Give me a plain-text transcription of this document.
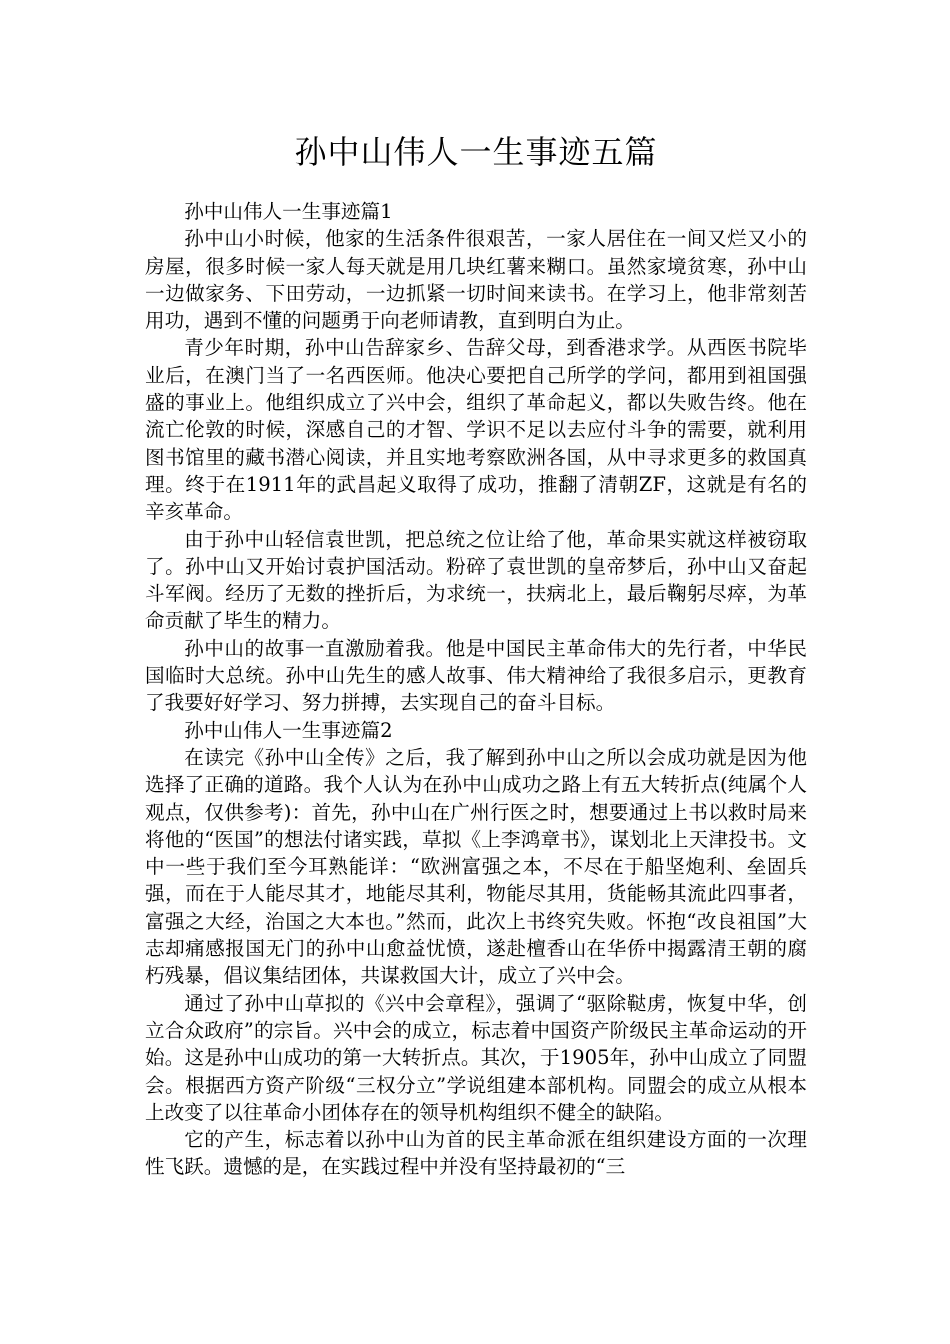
孙中山伟人一生事迹五篇

孙中山伟人一生事迹篇1

孙中山小时候，他家的生活条件很艰苦，一家人居住在一间又烂又小的房屋，很多时候一家人每天就是用几块红薯来糊口。虽然家境贫寒，孙中山一边做家务、下田劳动，一边抓紧一切时间来读书。在学习上，他非常刻苦用功，遇到不懂的问题勇于向老师请教，直到明白为止。

青少年时期，孙中山告辞家乡、告辞父母，到香港求学。从西医书院毕业后，在澳门当了一名西医师。他决心要把自己所学的学问，都用到祖国强盛的事业上。他组织成立了兴中会，组织了革命起义，都以失败告终。他在流亡伦敦的时候，深感自己的才智、学识不足以去应付斗争的需要，就利用图书馆里的藏书潜心阅读，并且实地考察欧洲各国，从中寻求更多的救国真理。终于在1911年的武昌起义取得了成功，推翻了清朝ZF，这就是有名的辛亥革命。

由于孙中山轻信袁世凯，把总统之位让给了他，革命果实就这样被窃取了。孙中山又开始讨袁护国活动。粉碎了袁世凯的皇帝梦后，孙中山又奋起斗军阀。经历了无数的挫折后，为求统一，扶病北上，最后鞠躬尽瘁，为革命贡献了毕生的精力。

孙中山的故事一直激励着我。他是中国民主革命伟大的先行者，中华民国临时大总统。孙中山先生的感人故事、伟大精神给了我很多启示，更教育了我要好好学习、努力拼搏，去实现自己的奋斗目标。

孙中山伟人一生事迹篇2

在读完《孙中山全传》之后，我了解到孙中山之所以会成功就是因为他选择了正确的道路。我个人认为在孙中山成功之路上有五大转折点(纯属个人观点，仅供参考)：首先，孙中山在广州行医之时，想要通过上书以救时局来将他的“医国”的想法付诸实践，草拟《上李鸿章书》，谋划北上天津投书。文中一些于我们至今耳熟能详：“欧洲富强之本，不尽在于船坚炮利、垒固兵强，而在于人能尽其才，地能尽其利，物能尽其用，货能畅其流此四事者，富强之大经，治国之大本也。”然而，此次上书终究失败。怀抱“改良祖国”大志却痛感报国无门的孙中山愈益忧愤，遂赴檀香山在华侨中揭露清王朝的腐朽残暴，倡议集结团体，共谋救国大计，成立了兴中会。

通过了孙中山草拟的《兴中会章程》，强调了“驱除鞑虏，恢复中华，创立合众政府”的宗旨。兴中会的成立，标志着中国资产阶级民主革命运动的开始。这是孙中山成功的第一大转折点。其次，于1905年，孙中山成立了同盟会。根据西方资产阶级“三权分立”学说组建本部机构。同盟会的成立从根本上改变了以往革命小团体存在的领导机构组织不健全的缺陷。

它的产生，标志着以孙中山为首的民主革命派在组织建设方面的一次理性飞跃。遗憾的是，在实践过程中并没有坚持最初的“三
